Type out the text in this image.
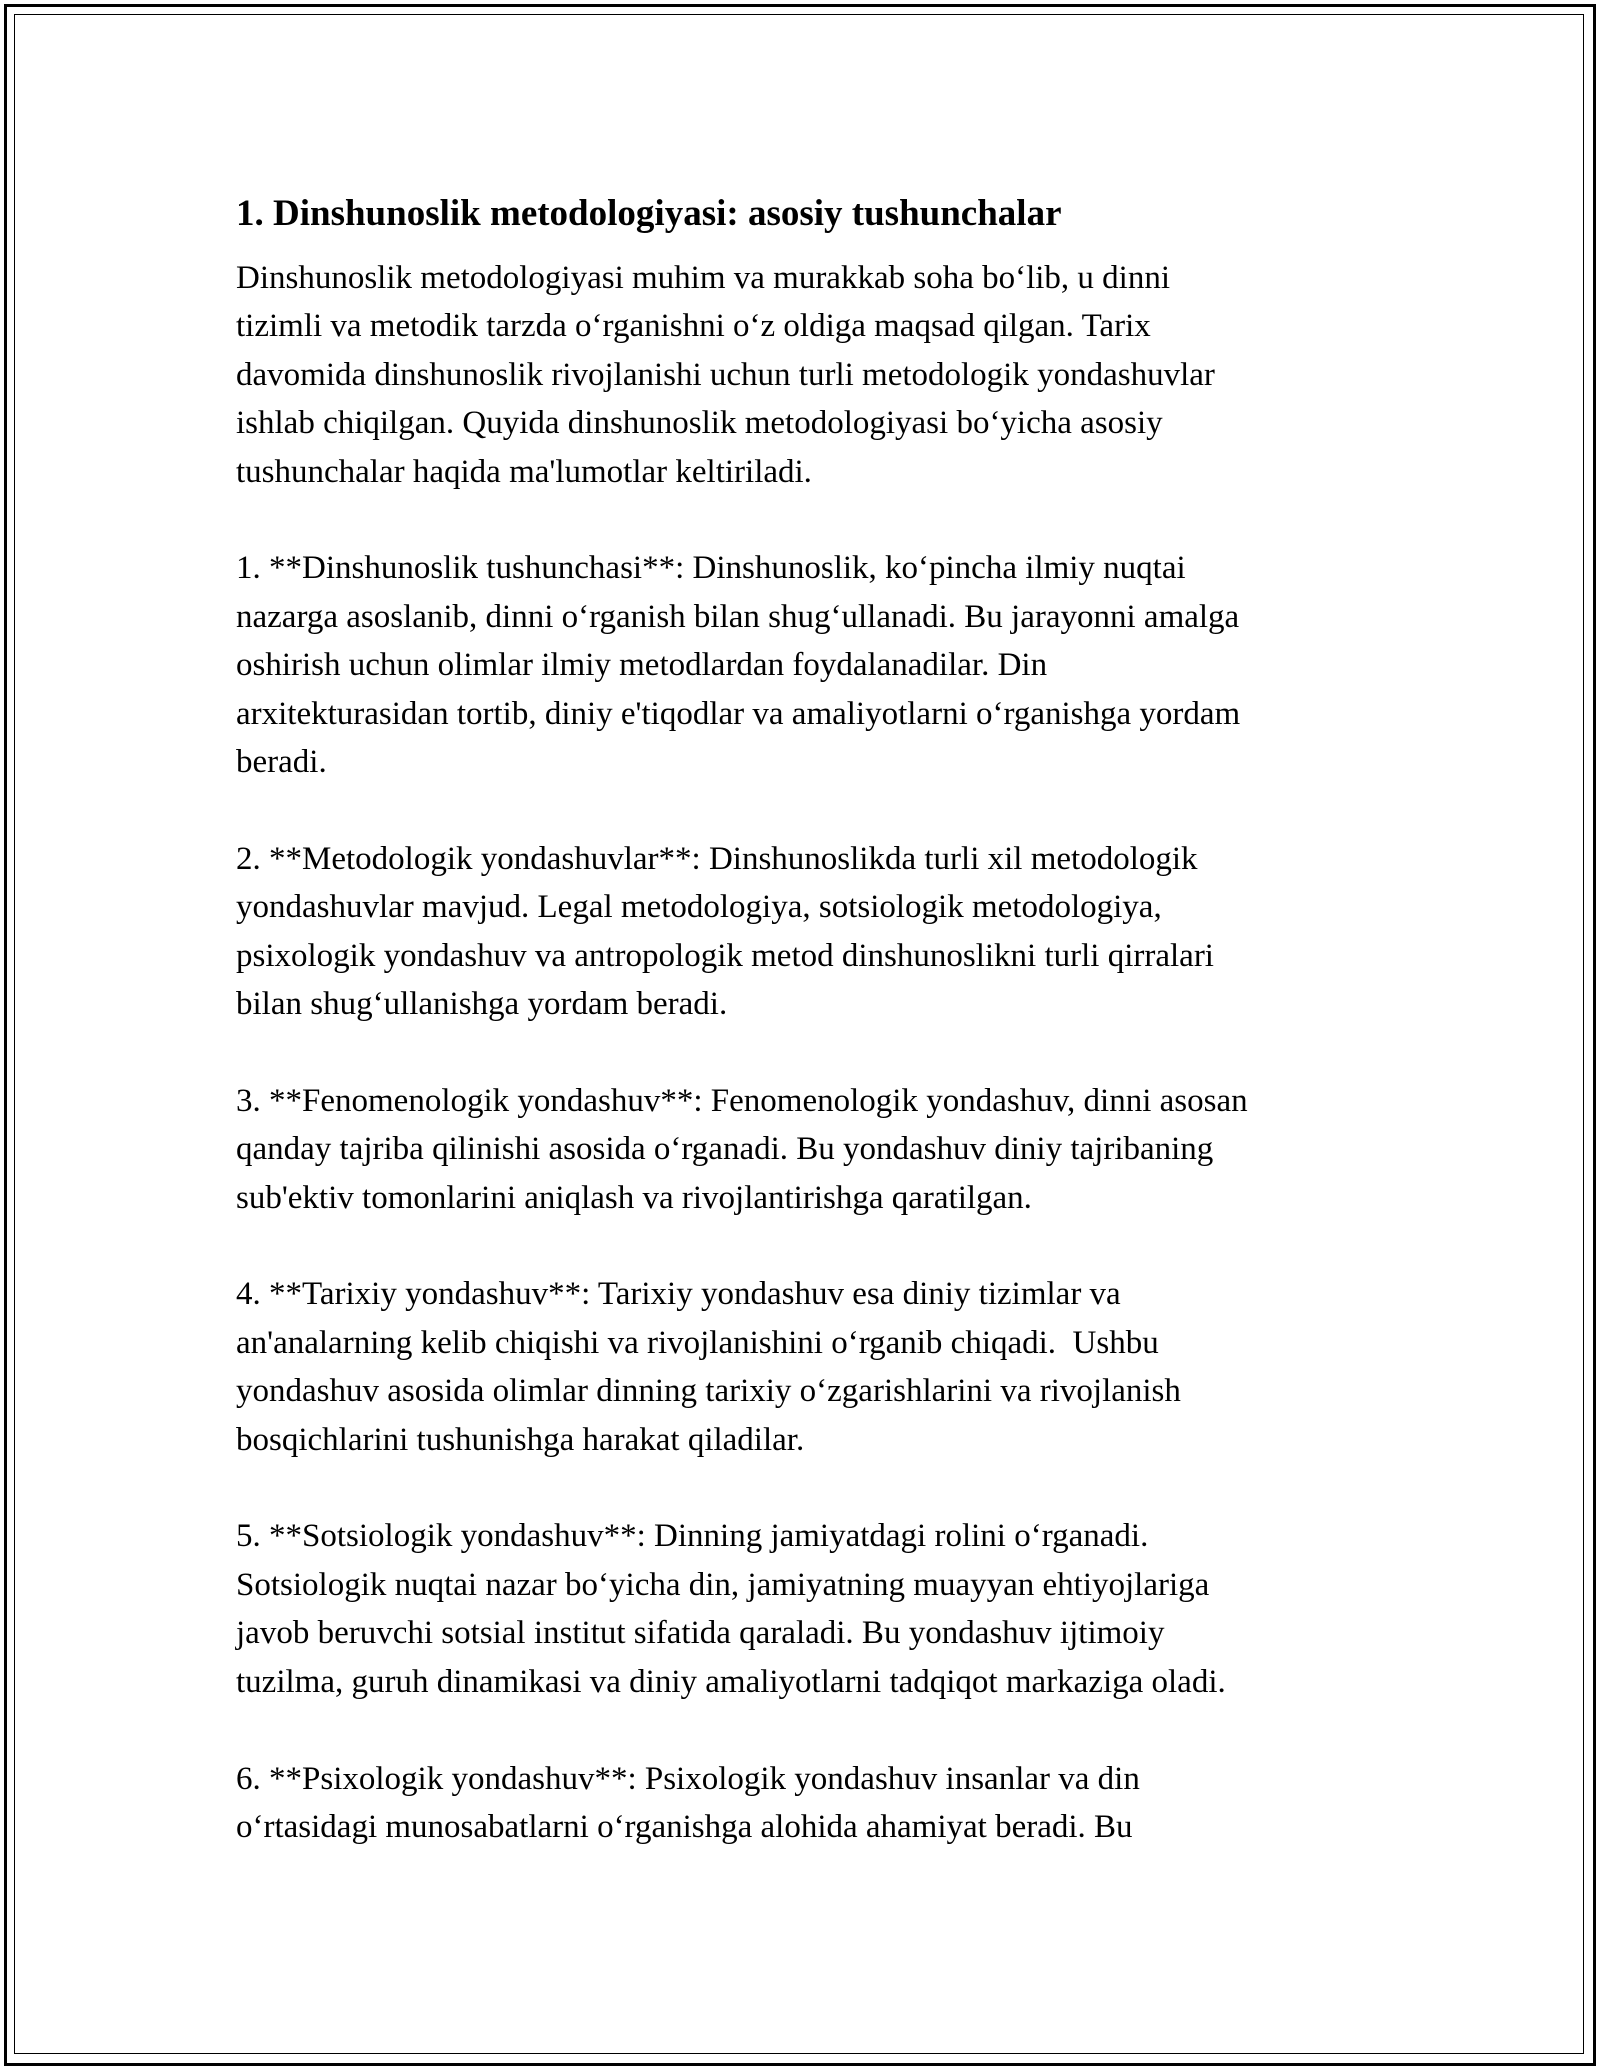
1. Dinshunoslik metodologiyasi: asosiy tushunchalar

Dinshunoslik metodologiyasi muhim va murakkab soha bo‘lib, u dinni
tizimli va metodik tarzda o‘rganishni o‘z oldiga maqsad qilgan. Tarix
davomida dinshunoslik rivojlanishi uchun turli metodologik yondashuvlar
ishlab chiqilgan. Quyida dinshunoslik metodologiyasi bo‘yicha asosiy
tushunchalar haqida ma'lumotlar keltiriladi.

1. **Dinshunoslik tushunchasi**: Dinshunoslik, ko‘pincha ilmiy nuqtai
nazarga asoslanib, dinni o‘rganish bilan shug‘ullanadi. Bu jarayonni amalga
oshirish uchun olimlar ilmiy metodlardan foydalanadilar. Din
arxitekturasidan tortib, diniy e'tiqodlar va amaliyotlarni o‘rganishga yordam
beradi.

2. **Metodologik yondashuvlar**: Dinshunoslikda turli xil metodologik
yondashuvlar mavjud. Legal metodologiya, sotsiologik metodologiya,
psixologik yondashuv va antropologik metod dinshunoslikni turli qirralari
bilan shug‘ullanishga yordam beradi.

3. **Fenomenologik yondashuv**: Fenomenologik yondashuv, dinni asosan
qanday tajriba qilinishi asosida o‘rganadi. Bu yondashuv diniy tajribaning
sub'ektiv tomonlarini aniqlash va rivojlantirishga qaratilgan.

4. **Tarixiy yondashuv**: Tarixiy yondashuv esa diniy tizimlar va
an'analarning kelib chiqishi va rivojlanishini o‘rganib chiqadi.  Ushbu
yondashuv asosida olimlar dinning tarixiy o‘zgarishlarini va rivojlanish
bosqichlarini tushunishga harakat qiladilar.

5. **Sotsiologik yondashuv**: Dinning jamiyatdagi rolini o‘rganadi.
Sotsiologik nuqtai nazar bo‘yicha din, jamiyatning muayyan ehtiyojlariga
javob beruvchi sotsial institut sifatida qaraladi. Bu yondashuv ijtimoiy
tuzilma, guruh dinamikasi va diniy amaliyotlarni tadqiqot markaziga oladi.

6. **Psixologik yondashuv**: Psixologik yondashuv insanlar va din
o‘rtasidagi munosabatlarni o‘rganishga alohida ahamiyat beradi. Bu
